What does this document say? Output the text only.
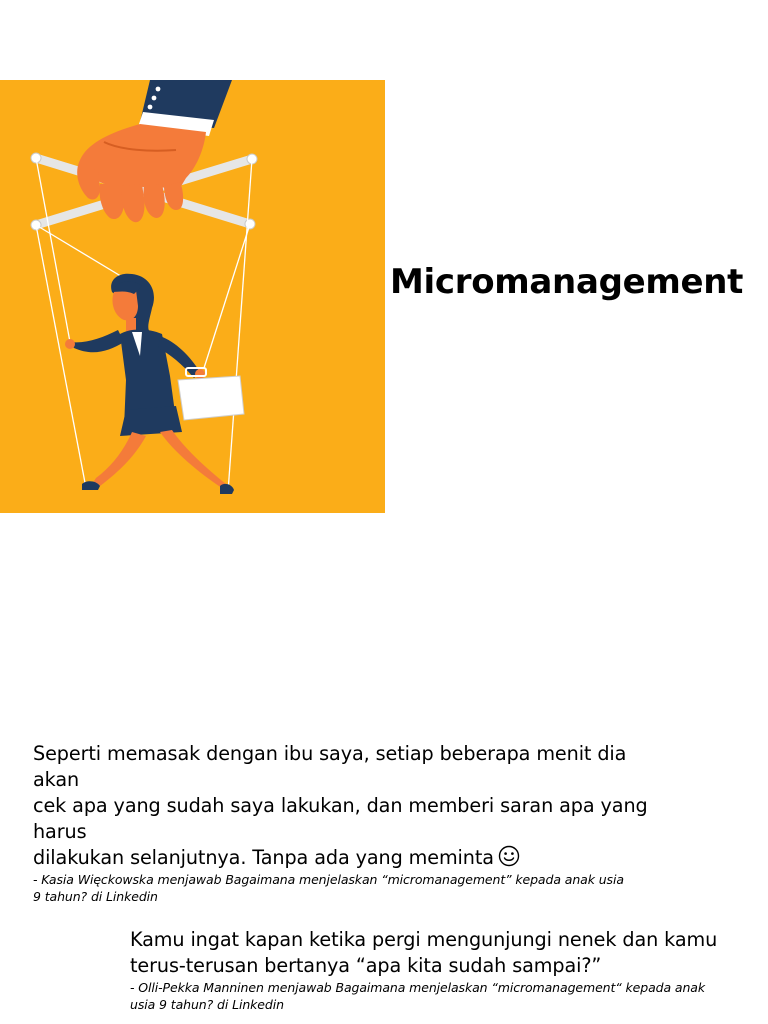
Micromanagement
Seperti memasak dengan ibu saya, setiap beberapa menit dia akan
cek apa yang sudah saya lakukan, dan memberi saran apa yang harus
dilakukan selanjutnya. Tanpa ada yang meminta
- Kasia Więckowska menjawab Bagaimana menjelaskan “micromanagement” kepada anak usia
9 tahun? di Linkedin
Kamu ingat kapan ketika pergi mengunjungi nenek dan kamu
terus-terusan bertanya “apa kita sudah sampai?”
- Olli-Pekka Manninen menjawab Bagaimana menjelaskan “micromanagement“ kepada anak
usia 9 tahun? di Linkedin
